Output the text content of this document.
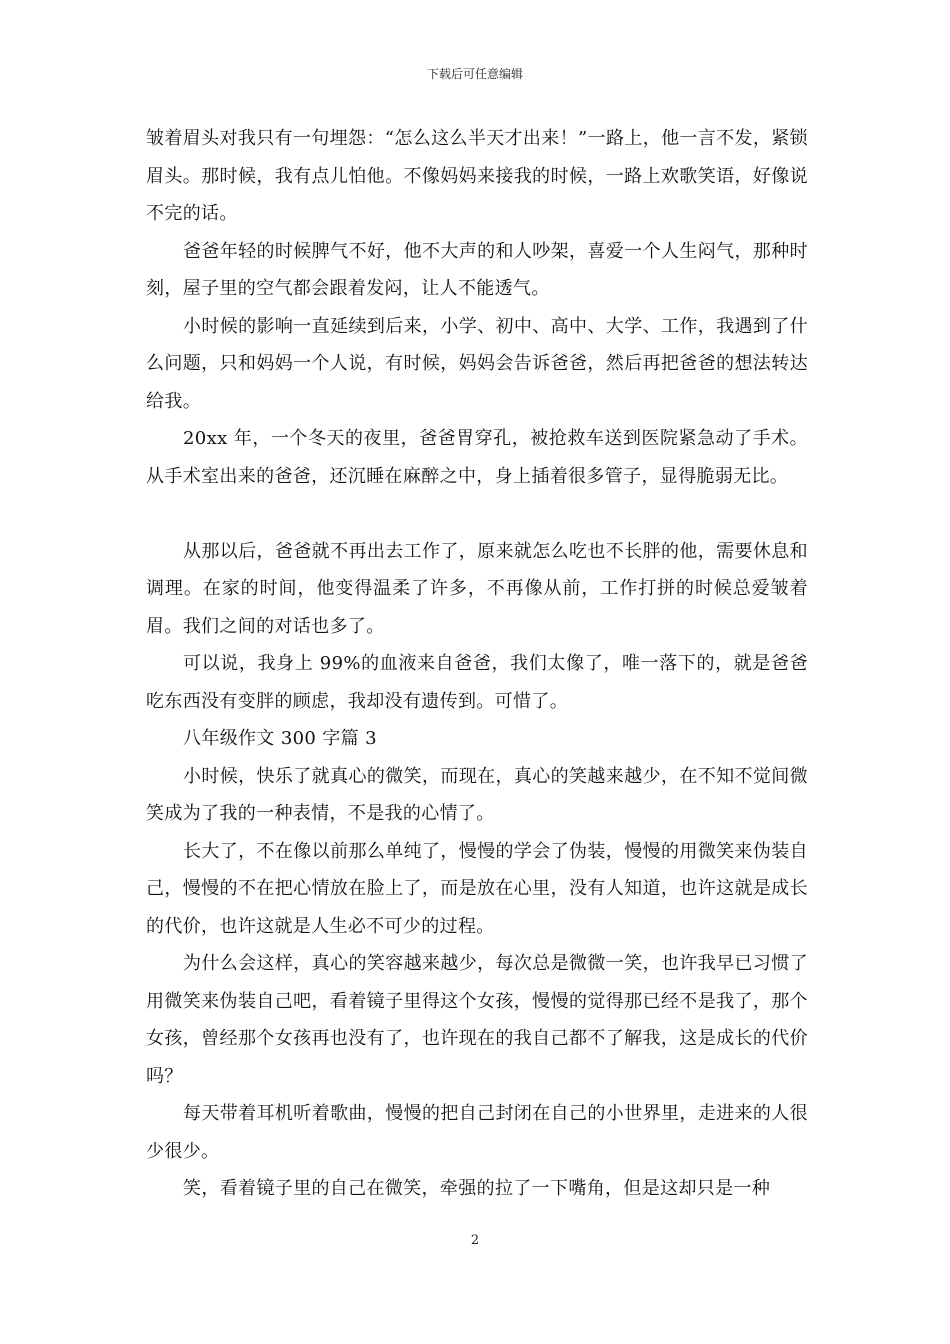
下载后可任意编辑

皱着眉头对我只有一句埋怨：“怎么这么半天才出来！”一路上，他一言不发，紧锁眉头。那时候，我有点儿怕他。不像妈妈来接我的时候，一路上欢歌笑语，好像说不完的话。

爸爸年轻的时候脾气不好，他不大声的和人吵架，喜爱一个人生闷气，那种时刻，屋子里的空气都会跟着发闷，让人不能透气。

小时候的影响一直延续到后来，小学、初中、高中、大学、工作，我遇到了什么问题，只和妈妈一个人说，有时候，妈妈会告诉爸爸，然后再把爸爸的想法转达给我。

20xx 年，一个冬天的夜里，爸爸胃穿孔，被抢救车送到医院紧急动了手术。从手术室出来的爸爸，还沉睡在麻醉之中，身上插着很多管子，显得脆弱无比。

从那以后，爸爸就不再出去工作了，原来就怎么吃也不长胖的他，需要休息和调理。在家的时间，他变得温柔了许多，不再像从前，工作打拼的时候总爱皱着眉。我们之间的对话也多了。

可以说，我身上 99%的血液来自爸爸，我们太像了，唯一落下的，就是爸爸吃东西没有变胖的顾虑，我却没有遗传到。可惜了。

八年级作文 300 字篇 3

小时候，快乐了就真心的微笑，而现在，真心的笑越来越少，在不知不觉间微笑成为了我的一种表情，不是我的心情了。

长大了，不在像以前那么单纯了，慢慢的学会了伪装，慢慢的用微笑来伪装自己，慢慢的不在把心情放在脸上了，而是放在心里，没有人知道，也许这就是成长的代价，也许这就是人生必不可少的过程。

为什么会这样，真心的笑容越来越少，每次总是微微一笑，也许我早已习惯了用微笑来伪装自己吧，看着镜子里得这个女孩，慢慢的觉得那已经不是我了，那个女孩，曾经那个女孩再也没有了，也许现在的我自己都不了解我，这是成长的代价吗？

每天带着耳机听着歌曲，慢慢的把自己封闭在自己的小世界里，走进来的人很少很少。

笑，看着镜子里的自己在微笑，牵强的拉了一下嘴角，但是这却只是一种

2
